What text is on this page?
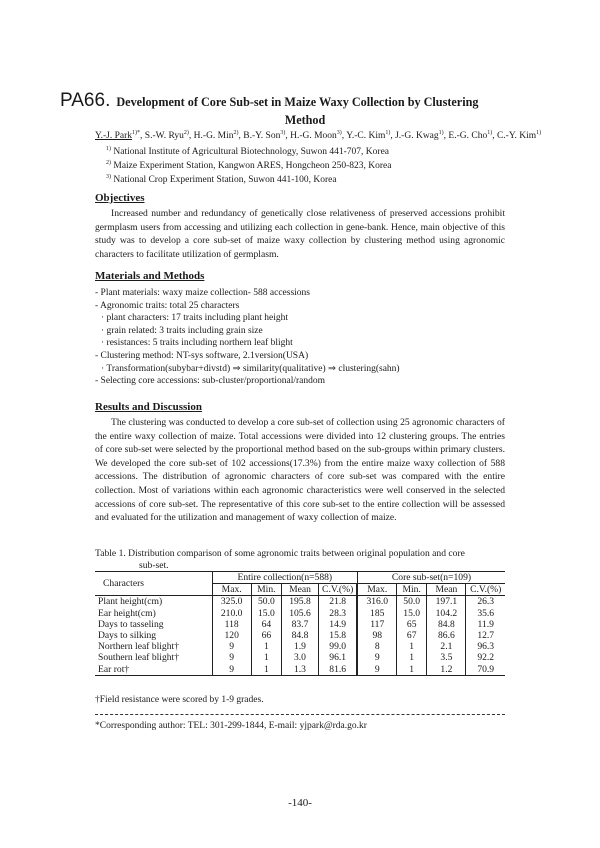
PA66. Development of Core Sub-set in Maize Waxy Collection by Clustering
Method
Y.-J. Park$^{1)*}$, S.-W. Ryu$^{2)}$, H.-G. Min$^{2)}$, B.-Y. Son$^{3)}$, H.-G. Moon$^{3)}$, Y.-C. Kim$^{1)}$, J.-G. Kwag$^{1)}$, E.-G. Cho$^{1)}$, C.-Y. Kim$^{1)}$
$^{1)}$ National Institute of Agricultural Biotechnology, Suwon 441-707, Korea
$^{2)}$ Maize Experiment Station, Kangwon ARES, Hongcheon 250-823, Korea
$^{3)}$ National Crop Experiment Station, Suwon 441-100, Korea
Objectives
Increased number and redundancy of genetically close relativeness of preserved accessions prohibit germplasm users from accessing and utilizing each collection in gene-bank. Hence, main objective of this study was to develop a core sub-set of maize waxy collection by clustering method using agronomic characters to facilitate utilization of germplasm.
Materials and Methods
- Plant materials: waxy maize collection- 588 accessions
- Agronomic traits: total 25 characters
· plant characters: 17 traits including plant height
· grain related: 3 traits including grain size
· resistances: 5 traits including northern leaf blight
- Clustering method: NT-sys software, 2.1version(USA)
· Transformation(subybar+divstd) ⇒ similarity(qualitative) ⇒ clustering(sahn)
- Selecting core accessions: sub-cluster/proportional/random
Results and Discussion
The clustering was conducted to develop a core sub-set of collection using 25 agronomic characters of the entire waxy collection of maize. Total accessions were divided into 12 clustering groups. The entries of core sub-set were selected by the proportional method based on the sub-groups within primary clusters. We developed the core sub-set of 102 accessions(17.3%) from the entire maize waxy collection of 588 accessions. The distribution of agronomic characters of core sub-set was compared with the entire collection. Most of variations within each agronomic characteristics were well conserved in the selected accessions of core sub-set. The representative of this core sub-set to the entire collection will be assessed and evaluated for the utilization and management of waxy collection of maize.
Table 1. Distribution comparison of some agronomic traits between original population and core
sub-set.
Characters	Entire collection(n=588)				Core sub-set(n=109)			
	Max.	Min.	Mean	C.V.(%)	Max.	Min.	Mean	C.V.(%)
Plant height(cm)	325.0	50.0	195.8	21.8	316.0	50.0	197.1	26.3
Ear height(cm)	210.0	15.0	105.6	28.3	185	15.0	104.2	35.6
Days to tasseling	118	64	83.7	14.9	117	65	84.8	11.9
Days to silking	120	66	84.8	15.8	98	67	86.6	12.7
Northern leaf blight†	9	1	1.9	99.0	8	1	2.1	96.3
Southern leaf blight†	9	1	3.0	96.1	9	1	3.5	92.2
Ear rot†	9	1	1.3	81.6	9	1	1.2	70.9
†Field resistance were scored by 1-9 grades.
*Corresponding author: TEL: 301-299-1844, E-mail: yjpark@rda.go.kr
-140-
